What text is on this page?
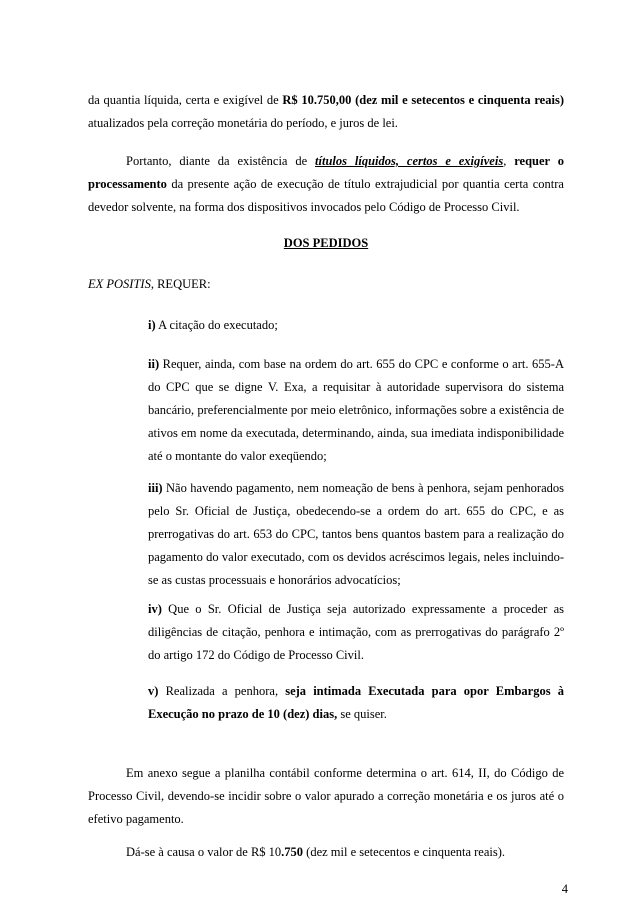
da quantia líquida, certa e exigível de R$ 10.750,00 (dez mil e setecentos e cinquenta reais) atualizados pela correção monetária do período, e juros de lei.
Portanto, diante da existência de títulos líquidos, certos e exigíveis, requer o processamento da presente ação de execução de título extrajudicial por quantia certa contra devedor solvente, na forma dos dispositivos invocados pelo Código de Processo Civil.
DOS PEDIDOS
EX POSITIS, REQUER:
i) A citação do executado;
ii) Requer, ainda, com base na ordem do art. 655 do CPC e conforme o art. 655-A do CPC que se digne V. Exa, a requisitar à autoridade supervisora do sistema bancário, preferencialmente por meio eletrônico, informações sobre a existência de ativos em nome da executada, determinando, ainda, sua imediata indisponibilidade até o montante do valor exeqüendo;
iii) Não havendo pagamento, nem nomeação de bens à penhora, sejam penhorados pelo Sr. Oficial de Justiça, obedecendo-se a ordem do art. 655 do CPC, e as prerrogativas do art. 653 do CPC, tantos bens quantos bastem para a realização do pagamento do valor executado, com os devidos acréscimos legais, neles incluindo-se as custas processuais e honorários advocatícios;
iv) Que o Sr. Oficial de Justiça seja autorizado expressamente a proceder as diligências de citação, penhora e intimação, com as prerrogativas do parágrafo 2º do artigo 172 do Código de Processo Civil.
v) Realizada a penhora, seja intimada Executada para opor Embargos à Execução no prazo de 10 (dez) dias, se quiser.
Em anexo segue a planilha contábil conforme determina o art. 614, II, do Código de Processo Civil, devendo-se incidir sobre o valor apurado a correção monetária e os juros até o efetivo pagamento.
Dá-se à causa o valor de R$ 10.750 (dez mil e setecentos e cinquenta reais).
4
